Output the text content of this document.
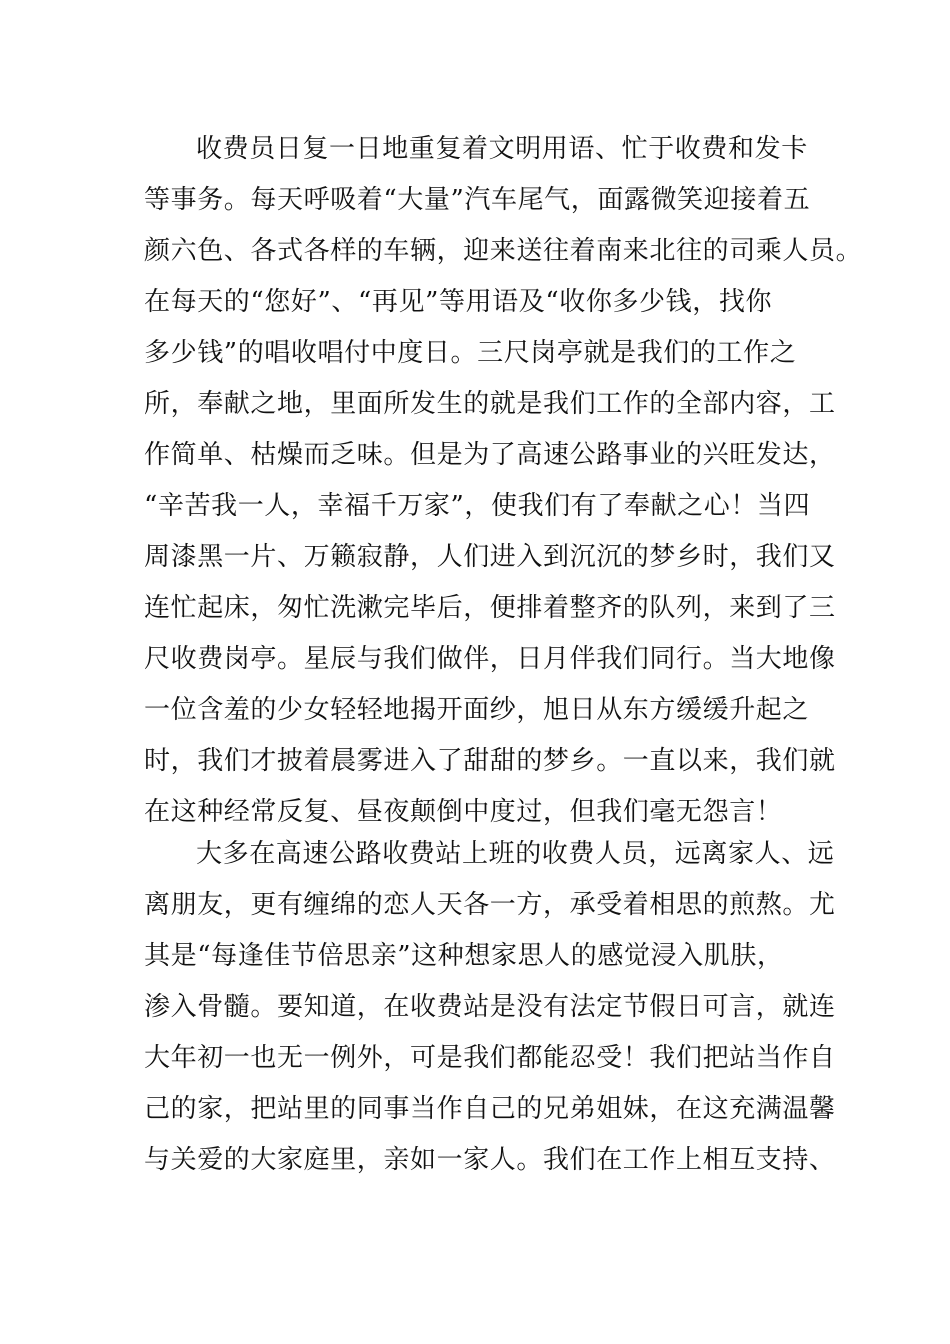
收费员日复一日地重复着文明用语、忙于收费和发卡
等事务。每天呼吸着“大量”汽车尾气，面露微笑迎接着五
颜六色、各式各样的车辆，迎来送往着南来北往的司乘人员。
在每天的“您好”、“再见”等用语及“收你多少钱，找你
多少钱”的唱收唱付中度日。三尺岗亭就是我们的工作之
所，奉献之地，里面所发生的就是我们工作的全部内容，工
作简单、枯燥而乏味。但是为了高速公路事业的兴旺发达，
“辛苦我一人，幸福千万家”，使我们有了奉献之心！当四
周漆黑一片、万籁寂静，人们进入到沉沉的梦乡时，我们又
连忙起床，匆忙洗漱完毕后，便排着整齐的队列，来到了三
尺收费岗亭。星辰与我们做伴，日月伴我们同行。当大地像
一位含羞的少女轻轻地揭开面纱，旭日从东方缓缓升起之
时，我们才披着晨雾进入了甜甜的梦乡。一直以来，我们就
在这种经常反复、昼夜颠倒中度过，但我们毫无怨言！
大多在高速公路收费站上班的收费人员，远离家人、远
离朋友，更有缠绵的恋人天各一方，承受着相思的煎熬。尤
其是“每逢佳节倍思亲”这种想家思人的感觉浸入肌肤，
渗入骨髓。要知道，在收费站是没有法定节假日可言，就连
大年初一也无一例外，可是我们都能忍受！我们把站当作自
己的家，把站里的同事当作自己的兄弟姐妹，在这充满温馨
与关爱的大家庭里，亲如一家人。我们在工作上相互支持、
